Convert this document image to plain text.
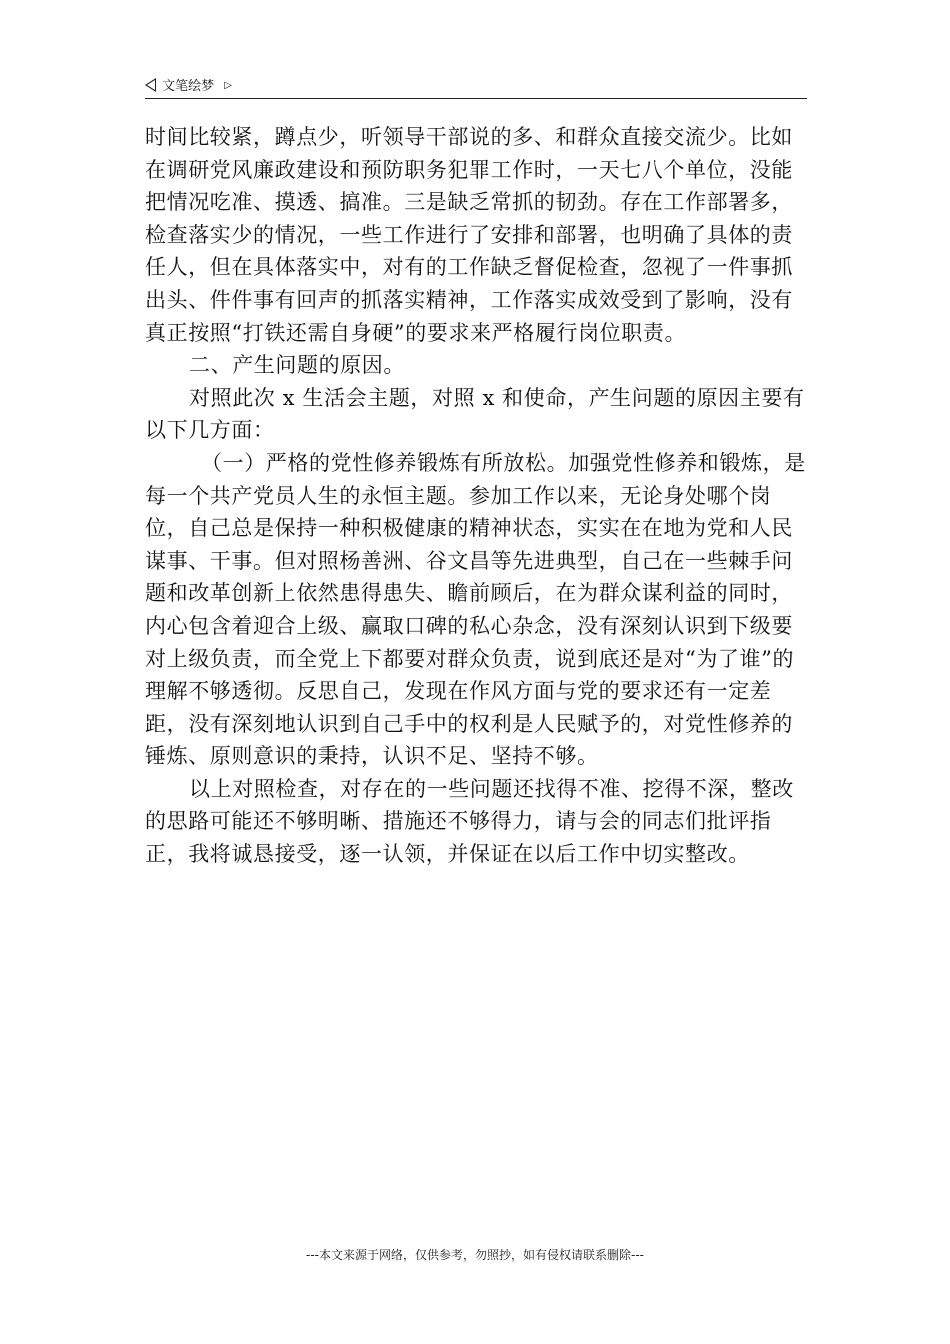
文笔绘梦 ▷

时间比较紧，蹲点少，听领导干部说的多、和群众直接交流少。比如在调研党风廉政建设和预防职务犯罪工作时，一天七八个单位，没能把情况吃准、摸透、搞准。三是缺乏常抓的韧劲。存在工作部署多，检查落实少的情况，一些工作进行了安排和部署，也明确了具体的责任人，但在具体落实中，对有的工作缺乏督促检查，忽视了一件事抓出头、件件事有回声的抓落实精神，工作落实成效受到了影响，没有真正按照“打铁还需自身硬”的要求来严格履行岗位职责。

二、产生问题的原因。

对照此次 x 生活会主题，对照 x 和使命，产生问题的原因主要有以下几方面：

（一）严格的党性修养锻炼有所放松。加强党性修养和锻炼，是每一个共产党员人生的永恒主题。参加工作以来，无论身处哪个岗位，自己总是保持一种积极健康的精神状态，实实在在地为党和人民谋事、干事。但对照杨善洲、谷文昌等先进典型，自己在一些棘手问题和改革创新上依然患得患失、瞻前顾后，在为群众谋利益的同时，内心包含着迎合上级、赢取口碑的私心杂念，没有深刻认识到下级要对上级负责，而全党上下都要对群众负责，说到底还是对“为了谁”的理解不够透彻。反思自己，发现在作风方面与党的要求还有一定差距，没有深刻地认识到自己手中的权利是人民赋予的，对党性修养的锤炼、原则意识的秉持，认识不足、坚持不够。

以上对照检查，对存在的一些问题还找得不准、挖得不深，整改的思路可能还不够明晰、措施还不够得力，请与会的同志们批评指正，我将诚恳接受，逐一认领，并保证在以后工作中切实整改。

---本文来源于网络，仅供参考，勿照抄，如有侵权请联系删除---
